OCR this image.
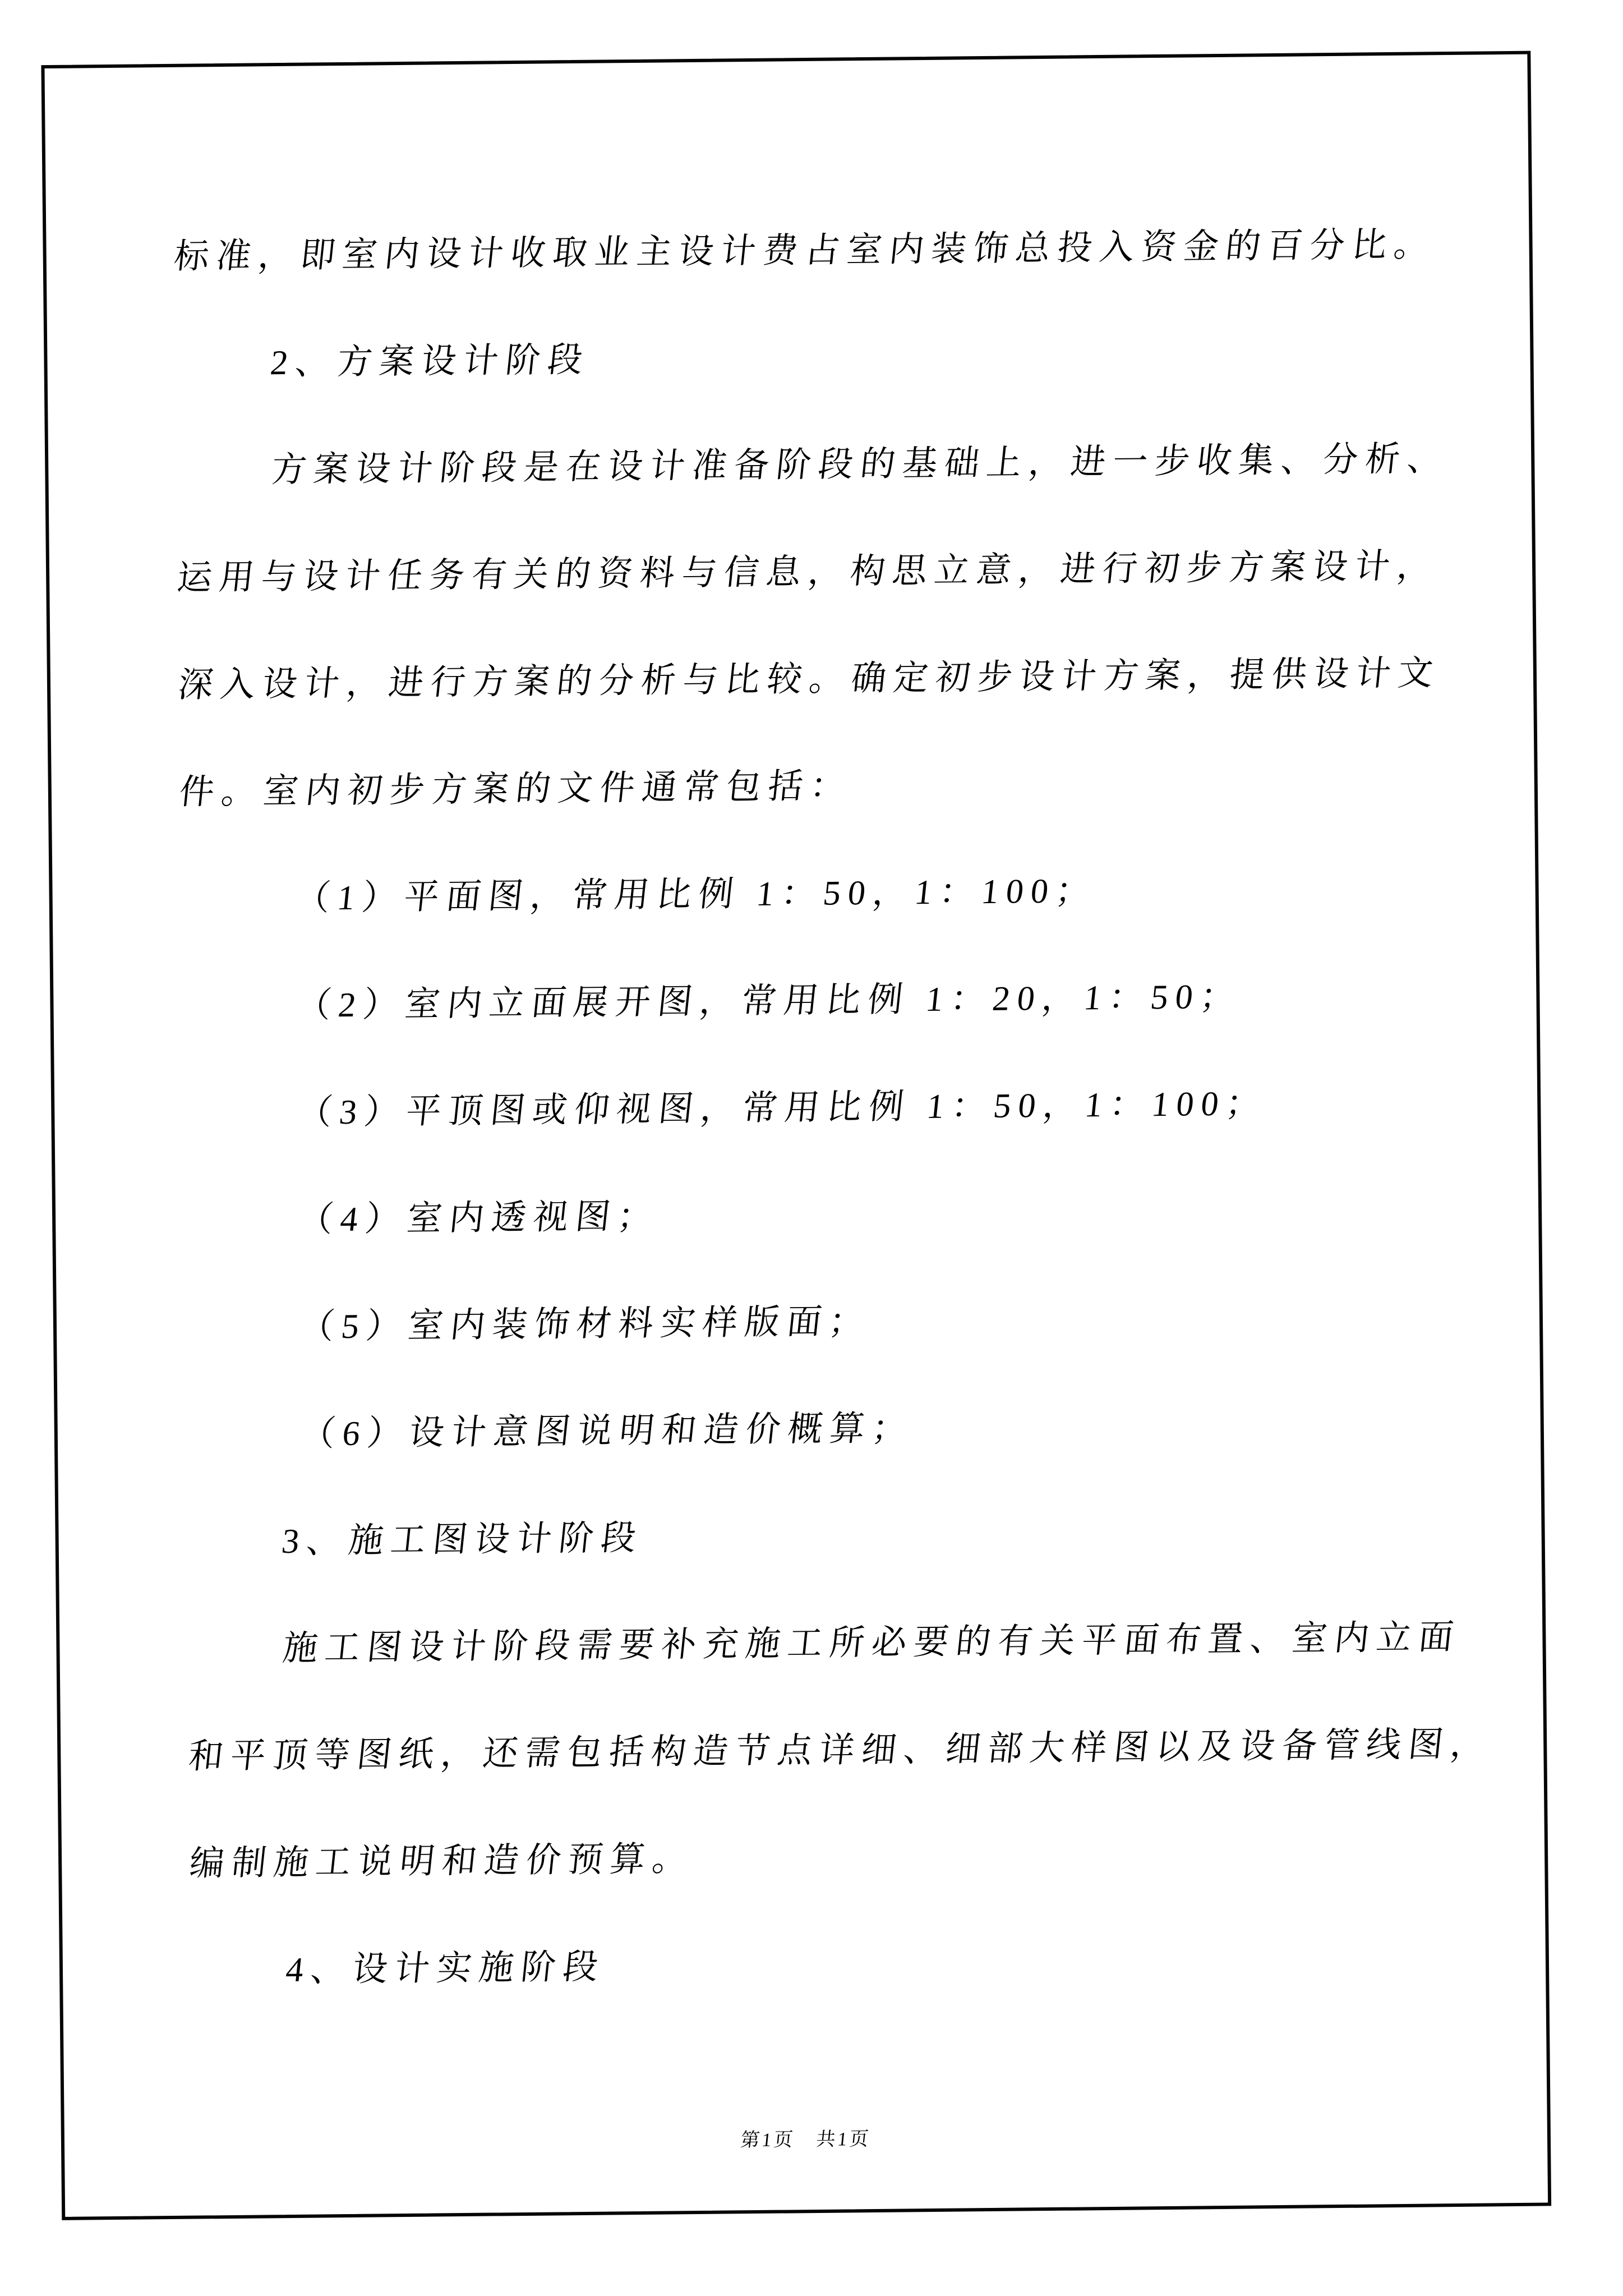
标准，即室内设计收取业主设计费占室内装饰总投入资金的百分比。
2、方案设计阶段
方案设计阶段是在设计准备阶段的基础上，进一步收集、分析、
运用与设计任务有关的资料与信息，构思立意，进行初步方案设计，
深入设计，进行方案的分析与比较。确定初步设计方案，提供设计文
件。室内初步方案的文件通常包括：
（1）平面图，常用比例 1：50，1：100；
（2）室内立面展开图，常用比例 1：20，1：50；
（3）平顶图或仰视图，常用比例 1：50，1：100；
（4）室内透视图；
（5）室内装饰材料实样版面；
（6）设计意图说明和造价概算；
3、施工图设计阶段
施工图设计阶段需要补充施工所必要的有关平面布置、室内立面
和平顶等图纸，还需包括构造节点详细、细部大样图以及设备管线图，
编制施工说明和造价预算。
4、设计实施阶段
第1页　共1页
